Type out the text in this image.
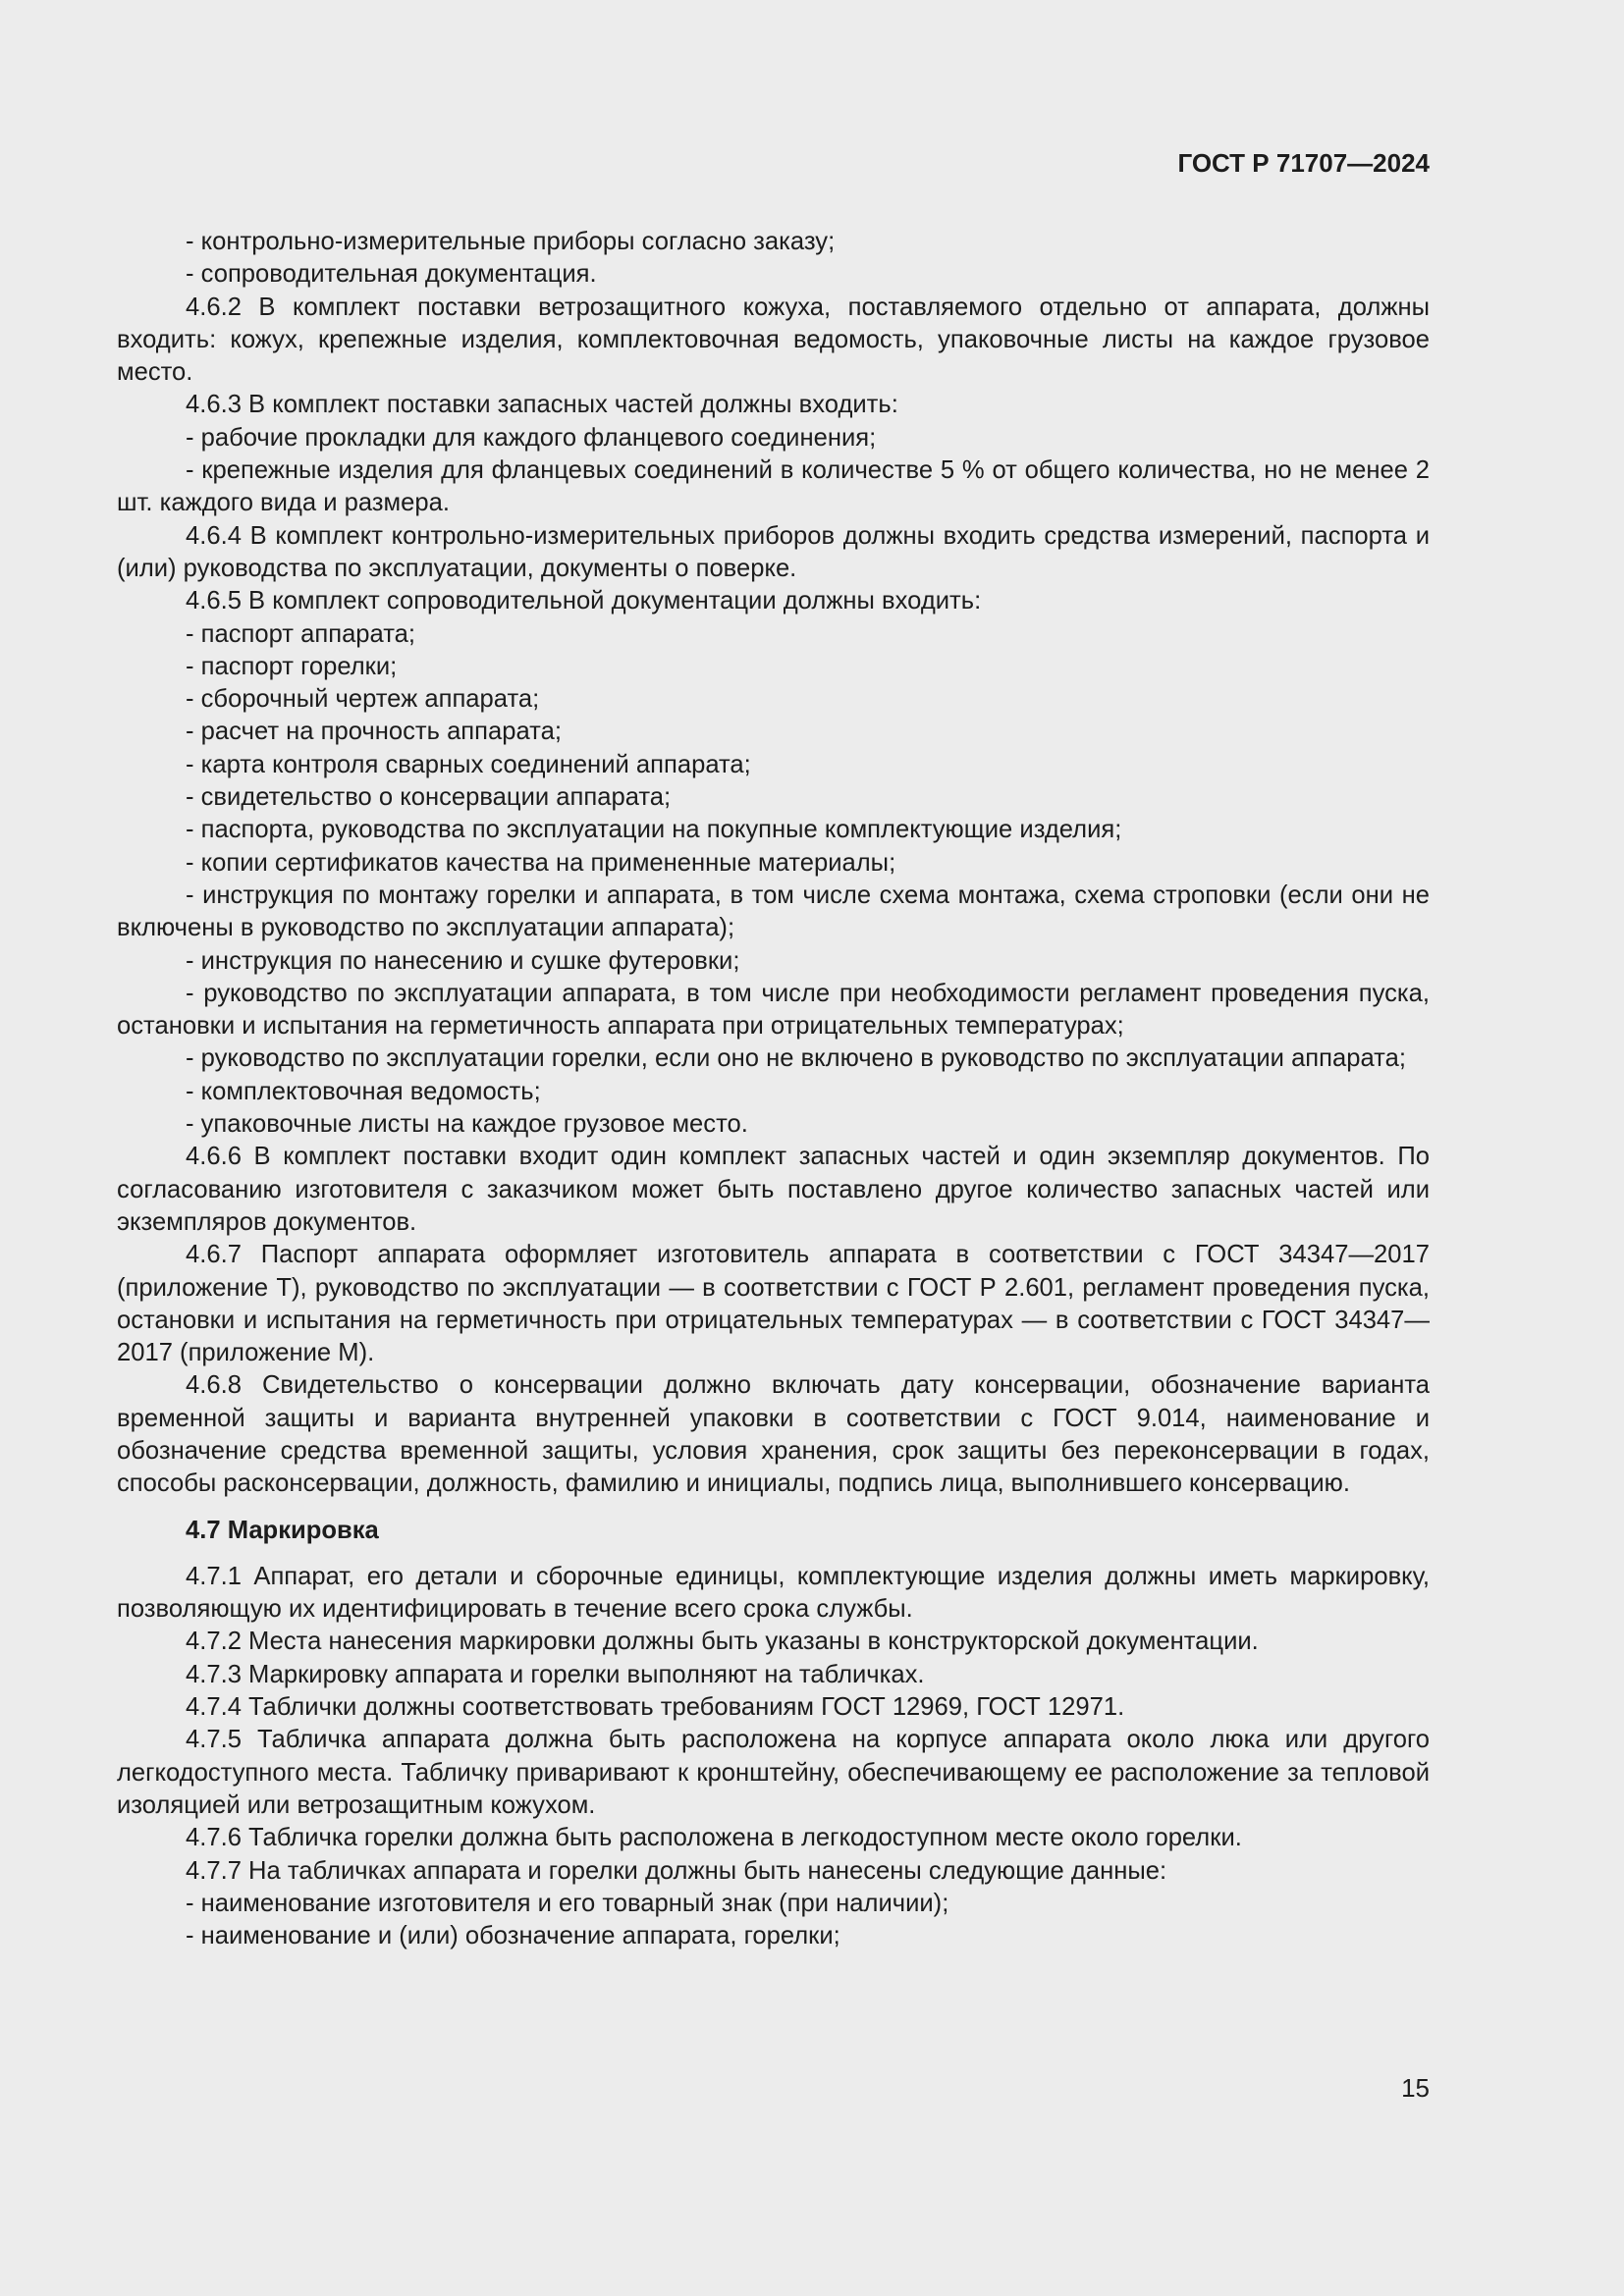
ГОСТ Р 71707—2024

- контрольно-измерительные приборы согласно заказу;

- сопроводительная документация.

4.6.2 В комплект поставки ветрозащитного кожуха, поставляемого отдельно от аппарата, должны входить: кожух, крепежные изделия, комплектовочная ведомость, упаковочные листы на каждое грузовое место.

4.6.3 В комплект поставки запасных частей должны входить:

- рабочие прокладки для каждого фланцевого соединения;

- крепежные изделия для фланцевых соединений в количестве 5 % от общего количества, но не менее 2 шт. каждого вида и размера.

4.6.4 В комплект контрольно-измерительных приборов должны входить средства измерений, паспорта и (или) руководства по эксплуатации, документы о поверке.

4.6.5 В комплект сопроводительной документации должны входить:

- паспорт аппарата;

- паспорт горелки;

- сборочный чертеж аппарата;

- расчет на прочность аппарата;

- карта контроля сварных соединений аппарата;

- свидетельство о консервации аппарата;

- паспорта, руководства по эксплуатации на покупные комплектующие изделия;

- копии сертификатов качества на примененные материалы;

- инструкция по монтажу горелки и аппарата, в том числе схема монтажа, схема строповки (если они не включены в руководство по эксплуатации аппарата);

- инструкция по нанесению и сушке футеровки;

- руководство по эксплуатации аппарата, в том числе при необходимости регламент проведения пуска, остановки и испытания на герметичность аппарата при отрицательных температурах;

- руководство по эксплуатации горелки, если оно не включено в руководство по эксплуатации аппарата;

- комплектовочная ведомость;

- упаковочные листы на каждое грузовое место.

4.6.6 В комплект поставки входит один комплект запасных частей и один экземпляр документов. По согласованию изготовителя с заказчиком может быть поставлено другое количество запасных частей или экземпляров документов.

4.6.7 Паспорт аппарата оформляет изготовитель аппарата в соответствии с ГОСТ 34347—2017 (приложение Т), руководство по эксплуатации — в соответствии с ГОСТ Р 2.601, регламент проведения пуска, остановки и испытания на герметичность при отрицательных температурах — в соответствии с ГОСТ 34347—2017 (приложение М).

4.6.8 Свидетельство о консервации должно включать дату консервации, обозначение варианта временной защиты и варианта внутренней упаковки в соответствии с ГОСТ 9.014, наименование и обозначение средства временной защиты, условия хранения, срок защиты без переконсервации в годах, способы расконсервации, должность, фамилию и инициалы, подпись лица, выполнившего консервацию.

4.7 Маркировка

4.7.1 Аппарат, его детали и сборочные единицы, комплектующие изделия должны иметь маркировку, позволяющую их идентифицировать в течение всего срока службы.

4.7.2 Места нанесения маркировки должны быть указаны в конструкторской документации.

4.7.3 Маркировку аппарата и горелки выполняют на табличках.

4.7.4 Таблички должны соответствовать требованиям ГОСТ 12969, ГОСТ 12971.

4.7.5 Табличка аппарата должна быть расположена на корпусе аппарата около люка или другого легкодоступного места. Табличку приваривают к кронштейну, обеспечивающему ее расположение за тепловой изоляцией или ветрозащитным кожухом.

4.7.6 Табличка горелки должна быть расположена в легкодоступном месте около горелки.

4.7.7 На табличках аппарата и горелки должны быть нанесены следующие данные:

- наименование изготовителя и его товарный знак (при наличии);

- наименование и (или) обозначение аппарата, горелки;

15
